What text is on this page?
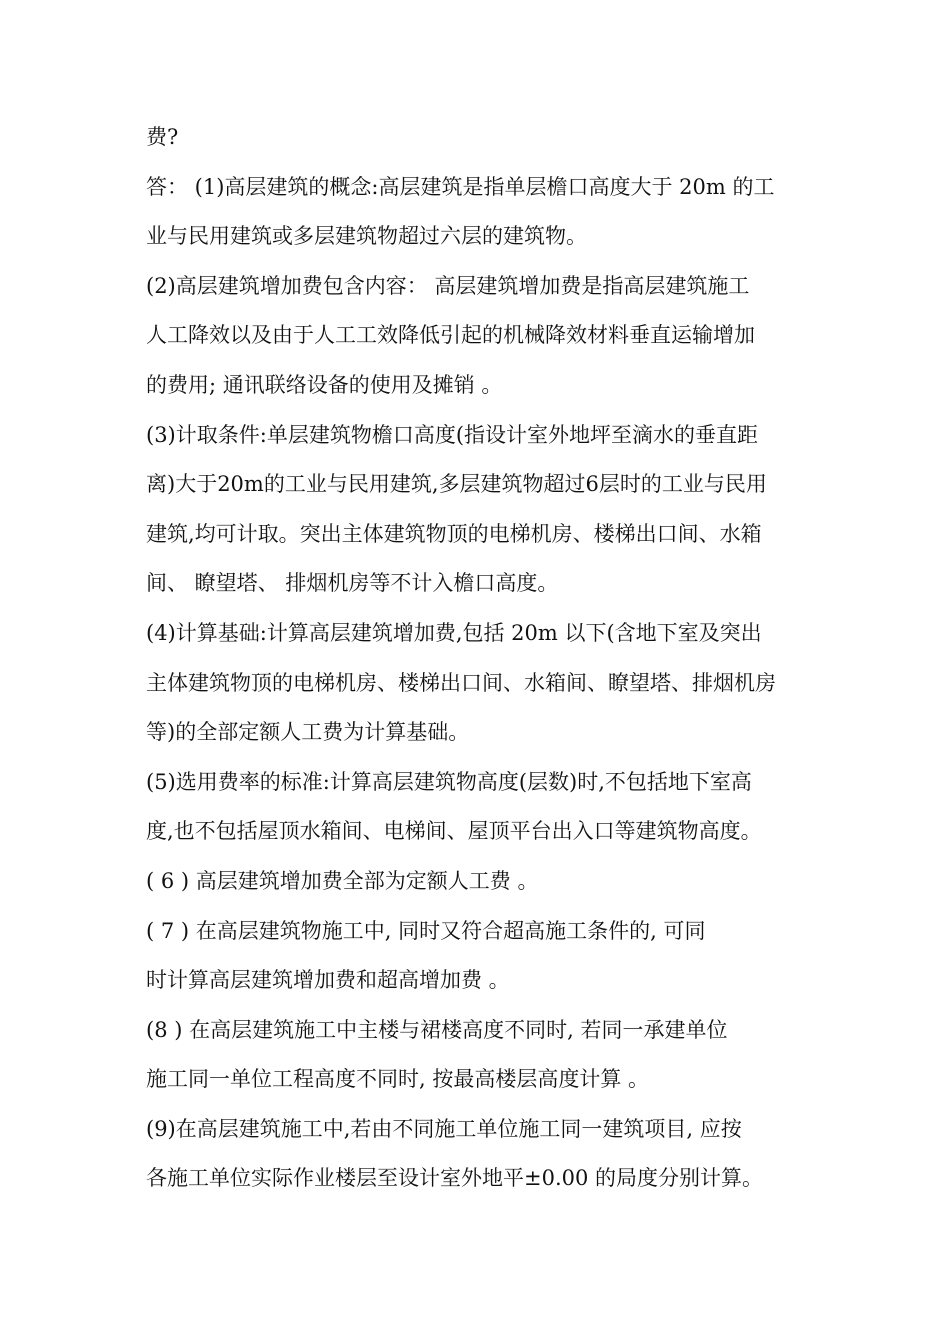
费?
答： (1)高层建筑的概念:高层建筑是指单层檐口高度大于 20m 的工
业与民用建筑或多层建筑物超过六层的建筑物。
(2)高层建筑增加费包含内容： 高层建筑增加费是指高层建筑施工
人工降效以及由于人工工效降低引起的机械降效材料垂直运输增加
的费用; 通讯联络设备的使用及摊销 。
(3)计取条件:单层建筑物檐口高度(指设计室外地坪至滴水的垂直距
离)大于20m的工业与民用建筑,多层建筑物超过6层时的工业与民用
建筑,均可计取。突出主体建筑物顶的电梯机房、楼梯出口间、水箱
间、 瞭望塔、 排烟机房等不计入檐口高度。
(4)计算基础:计算高层建筑增加费,包括 20m 以下(含地下室及突出
主体建筑物顶的电梯机房、楼梯出口间、水箱间、瞭望塔、排烟机房
等)的全部定额人工费为计算基础。
(5)选用费率的标准:计算高层建筑物高度(层数)时,不包括地下室高
度,也不包括屋顶水箱间、电梯间、屋顶平台出入口等建筑物高度。
( 6 ) 高层建筑增加费全部为定额人工费 。
( 7 ) 在高层建筑物施工中, 同时又符合超高施工条件的, 可同
时计算高层建筑增加费和超高增加费 。
(8 ) 在高层建筑施工中主楼与裙楼高度不同时, 若同一承建单位
施工同一单位工程高度不同时, 按最高楼层高度计算 。
(9)在高层建筑施工中,若由不同施工单位施工同一建筑项目, 应按
各施工单位实际作业楼层至设计室外地平±0.00 的局度分别计算。
